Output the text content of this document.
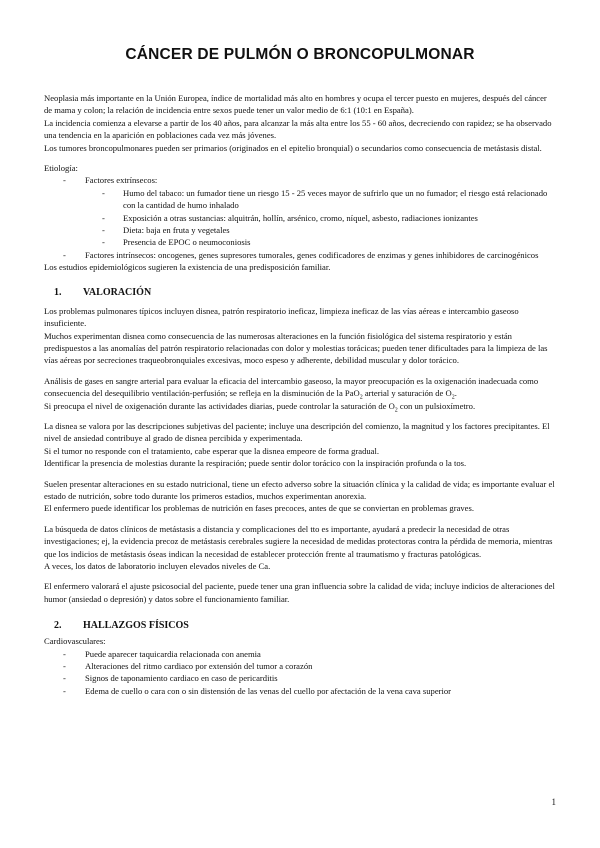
CÁNCER DE PULMÓN O BRONCOPULMONAR

Neoplasia más importante en la Unión Europea, índice de mortalidad más alto en hombres y ocupa el tercer puesto en mujeres, después del cáncer de mama y colon; la relación de incidencia entre sexos puede tener un valor medio de 6:1 (10:1 en España).

La incidencia comienza a elevarse a partir de los 40 años, para alcanzar la más alta entre los 55 - 60 años, decreciendo con rapidez; se ha observado una tendencia en la aparición en poblaciones cada vez más jóvenes.

Los tumores broncopulmonares pueden ser primarios (originados en el epitelio bronquial) o secundarios como consecuencia de metástasis distal.

Etiología:

- Factores extrínsecos:
- Humo del tabaco: un fumador tiene un riesgo 15 - 25 veces mayor de sufrirlo que un no fumador; el riesgo está relacionado con la cantidad de humo inhalado
- Exposición a otras sustancias: alquitrán, hollín, arsénico, cromo, níquel, asbesto, radiaciones ionizantes
- Dieta: baja en fruta y vegetales
- Presencia de EPOC o neumoconiosis
- Factores intrínsecos: oncogenes, genes supresores tumorales, genes codificadores de enzimas y genes inhibidores de carcinogénicos

Los estudios epidemiológicos sugieren la existencia de una predisposición familiar.

1.	VALORACIÓN

Los problemas pulmonares típicos incluyen disnea, patrón respiratorio ineficaz, limpieza ineficaz de las vías aéreas e intercambio gaseoso insuficiente.

Muchos experimentan disnea como consecuencia de las numerosas alteraciones en la función fisiológica del sistema respiratorio y están predispuestos a las anomalías del patrón respiratorio relacionadas con dolor y molestias torácicas; pueden tener dificultades para la limpieza de las vías aéreas por secreciones traqueobronquiales excesivas, moco espeso y adherente, debilidad muscular y dolor torácico.

Análisis de gases en sangre arterial para evaluar la eficacia del intercambio gaseoso, la mayor preocupación es la oxigenación inadecuada como consecuencia del desequilibrio ventilación-perfusión; se refleja en la disminución de la PaO$_2$ arterial y saturación de $O_2$.

Si preocupa el nivel de oxigenación durante las actividades diarias, puede controlar la saturación de $O_2$ con un pulsioxímetro.

La disnea se valora por las descripciones subjetivas del paciente; incluye una descripción del comienzo, la magnitud y los factores precipitantes. El nivel de ansiedad contribuye al grado de disnea percibida y experimentada.

Si el tumor no responde con el tratamiento, cabe esperar que la disnea empeore de forma gradual.

Identificar la presencia de molestias durante la respiración; puede sentir dolor torácico con la inspiración profunda o la tos.

Suelen presentar alteraciones en su estado nutricional, tiene un efecto adverso sobre la situación clínica y la calidad de vida; es importante evaluar el estado de nutrición, sobre todo durante los primeros estadios, muchos experimentan anorexia.

El enfermero puede identificar los problemas de nutrición en fases precoces, antes de que se conviertan en problemas graves.

La búsqueda de datos clínicos de metástasis a distancia y complicaciones del tto es importante, ayudará a predecir la necesidad de otras investigaciones; ej, la evidencia precoz de metástasis cerebrales sugiere la necesidad de medidas protectoras contra la pérdida de memoria, mientras que los indicios de metástasis óseas indican la necesidad de establecer protección frente al traumatismo y fracturas patológicas.

A veces, los datos de laboratorio incluyen elevados niveles de Ca.

El enfermero valorará el ajuste psicosocial del paciente, puede tener una gran influencia sobre la calidad de vida; incluye indicios de alteraciones del humor (ansiedad o depresión) y datos sobre el funcionamiento familiar.

2.	HALLAZGOS FÍSICOS

Cardiovasculares:

- Puede aparecer taquicardia relacionada con anemia
- Alteraciones del ritmo cardiaco por extensión del tumor a corazón
- Signos de taponamiento cardiaco en caso de pericarditis
- Edema de cuello o cara con o sin distensión de las venas del cuello por afectación de la vena cava superior
1
